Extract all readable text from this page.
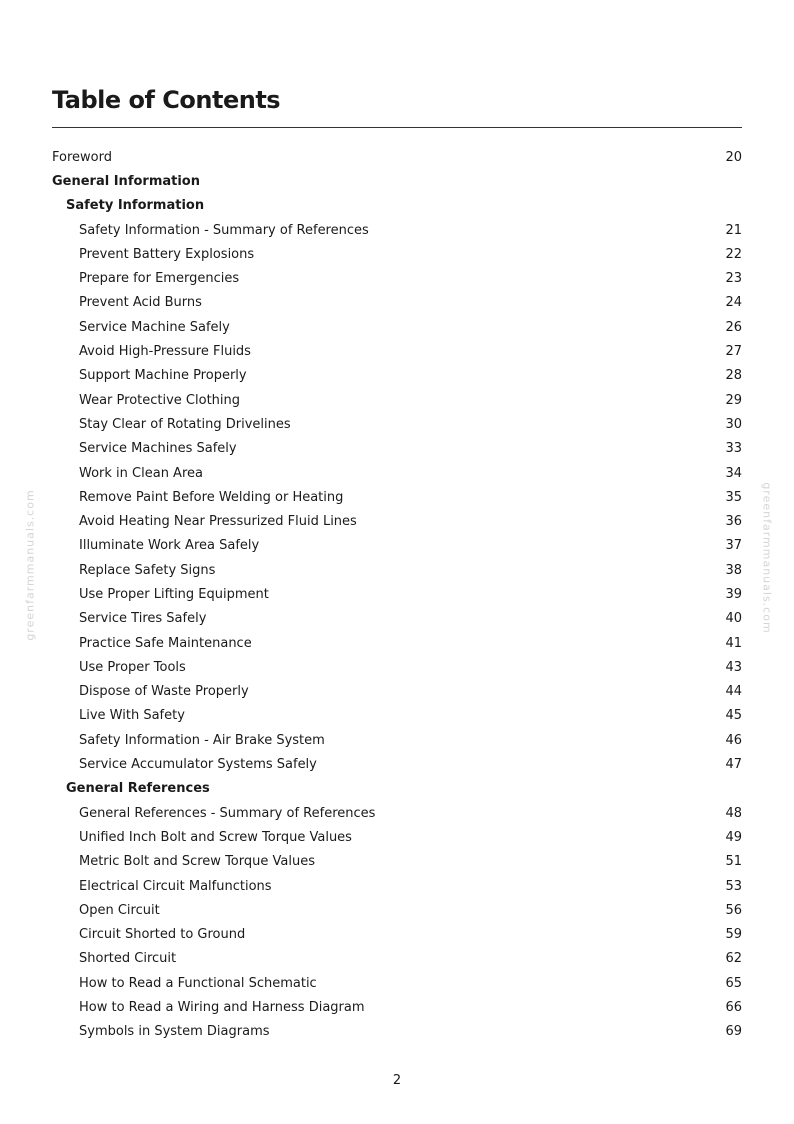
Table of Contents
Foreword	20
General Information
Safety Information
Safety Information - Summary of References	21
Prevent Battery Explosions	22
Prepare for Emergencies	23
Prevent Acid Burns	24
Service Machine Safely	26
Avoid High-Pressure Fluids	27
Support Machine Properly	28
Wear Protective Clothing	29
Stay Clear of Rotating Drivelines	30
Service Machines Safely	33
Work in Clean Area	34
Remove Paint Before Welding or Heating	35
Avoid Heating Near Pressurized Fluid Lines	36
Illuminate Work Area Safely	37
Replace Safety Signs	38
Use Proper Lifting Equipment	39
Service Tires Safely	40
Practice Safe Maintenance	41
Use Proper Tools	43
Dispose of Waste Properly	44
Live With Safety	45
Safety Information - Air Brake System	46
Service Accumulator Systems Safely	47
General References
General References - Summary of References	48
Unified Inch Bolt and Screw Torque Values	49
Metric Bolt and Screw Torque Values	51
Electrical Circuit Malfunctions	53
Open Circuit	56
Circuit Shorted to Ground	59
Shorted Circuit	62
How to Read a Functional Schematic	65
How to Read a Wiring and Harness Diagram	66
Symbols in System Diagrams	69
2
greenfarmmanuals.com	greenfarmmanuals.com
